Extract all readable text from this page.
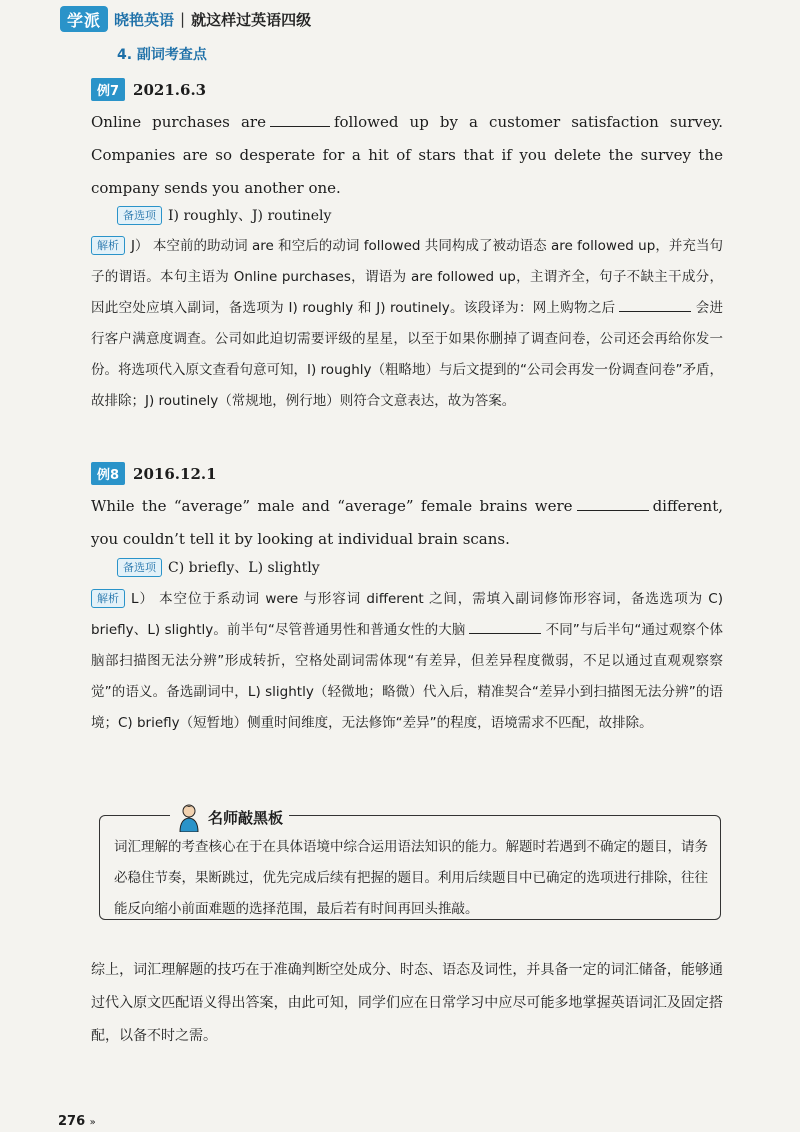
学派 晓艳英语 | 就这样过英语四级
4. 副词考查点
例7 2021.6.3
Online purchases are	followed up by a customer satisfaction survey. Companies are so desperate for a hit of stars that if you delete the survey the company sends you another one.
备选项 I) roughly、J) routinely
解析 J） 本空前的助动词 are 和空后的动词 followed 共同构成了被动语态 are followed up，并充当句子的谓语。本句主语为 Online purchases，谓语为 are followed up，主谓齐全，句子不缺主干成分，因此空处应填入副词，备选项为 I) roughly 和 J) routinely。该段译为：网上购物之后	会进行客户满意度调查。公司如此迫切需要评级的星星，以至于如果你删掉了调查问卷，公司还会再给你发一份。将选项代入原文查看句意可知，I) roughly（粗略地）与后文提到的“公司会再发一份调查问卷”矛盾，故排除；J) routinely（常规地，例行地）则符合文意表达，故为答案。
例8 2016.12.1
While the “average” male and “average” female brains were	different, you couldn’t tell it by looking at individual brain scans.
备选项 C) briefly、L) slightly
解析 L） 本空位于系动词 were 与形容词 different 之间，需填入副词修饰形容词，备选选项为 C) briefly、L) slightly。前半句“尽管普通男性和普通女性的大脑	不同”与后半句“通过观察个体脑部扫描图无法分辨”形成转折，空格处副词需体现“有差异，但差异程度微弱，不足以通过直观观察察觉”的语义。备选副词中，L) slightly（轻微地；略微）代入后，精准契合“差异小到扫描图无法分辨”的语境；C) briefly（短暂地）侧重时间维度，无法修饰“差异”的程度，语境需求不匹配，故排除。
名师敲黑板
词汇理解的考查核心在于在具体语境中综合运用语法知识的能力。解题时若遇到不确定的题目，请务必稳住节奏，果断跳过，优先完成后续有把握的题目。利用后续题目中已确定的选项进行排除，往往能反向缩小前面难题的选择范围，最后若有时间再回头推敲。
综上，词汇理解题的技巧在于准确判断空处成分、时态、语态及词性，并具备一定的词汇储备，能够通过代入原文匹配语义得出答案，由此可知，同学们应在日常学习中应尽可能多地掌握英语词汇及固定搭配，以备不时之需。
276 »
